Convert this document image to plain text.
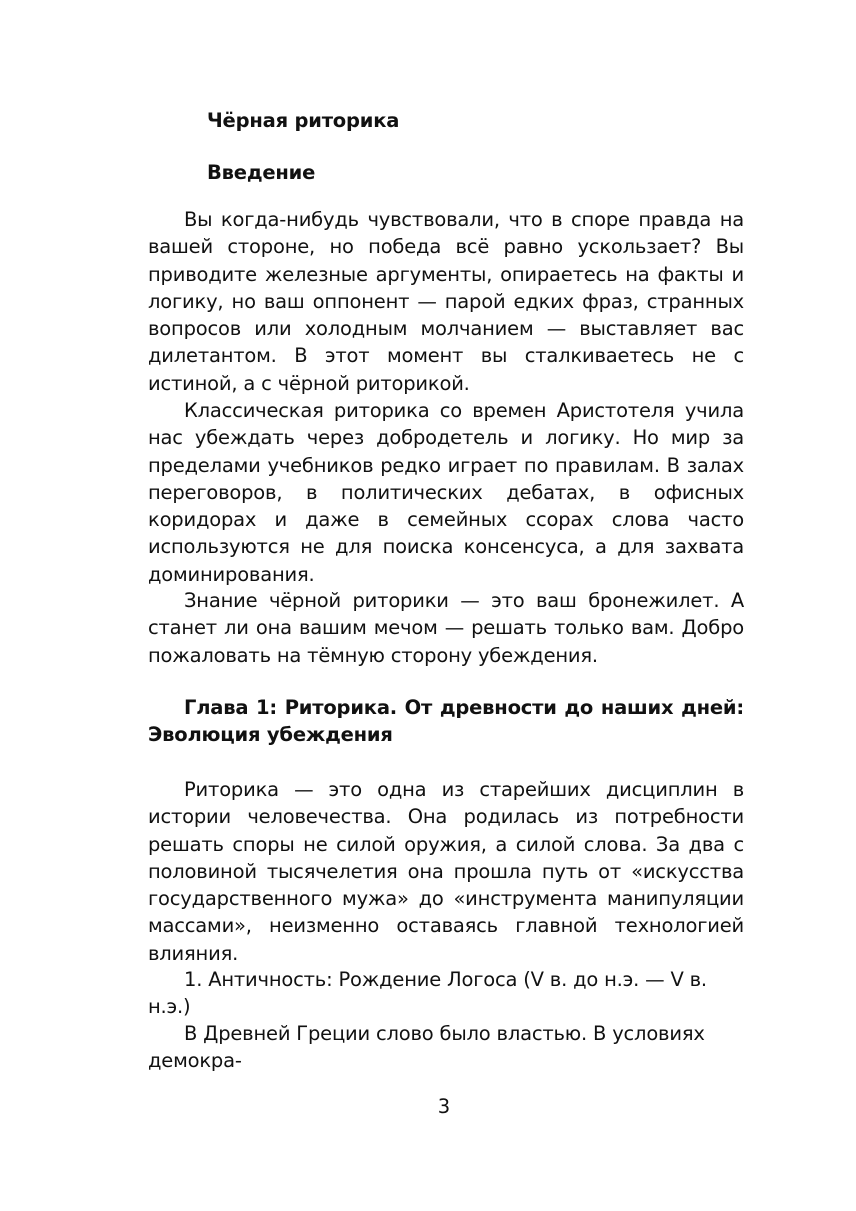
Чёрная риторика
Введение
Вы когда-нибудь чувствовали, что в споре правда на вашей стороне, но победа всё равно ускользает? Вы приводите железные аргументы, опираетесь на факты и логику, но ваш оппонент — парой едких фраз, странных вопросов или холодным молчанием — выставляет вас дилетантом. В этот момент вы сталкиваетесь не с истиной, а с чёрной риторикой.
Классическая риторика со времен Аристотеля учила нас убеждать через добродетель и логику. Но мир за пределами учебников редко играет по правилам. В залах переговоров, в политических дебатах, в офисных коридорах и даже в семейных ссорах слова часто используются не для поиска консенсуса, а для захвата доминирования.
Знание чёрной риторики — это ваш бронежилет. А станет ли она вашим мечом — решать только вам. Добро пожаловать на тёмную сторону убеждения.
Глава 1: Риторика. От древности до наших дней: Эволюция убеждения
Риторика — это одна из старейших дисциплин в истории человечества. Она родилась из потребности решать споры не силой оружия, а силой слова. За два с половиной тысячелетия она прошла путь от «искусства государственного мужа» до «инструмента манипуляции массами», неизменно оставаясь главной технологией влияния.
1. Античность: Рождение Логоса (V в. до н.э. — V в. н.э.)
В Древней Греции слово было властью. В условиях демокра-
3
